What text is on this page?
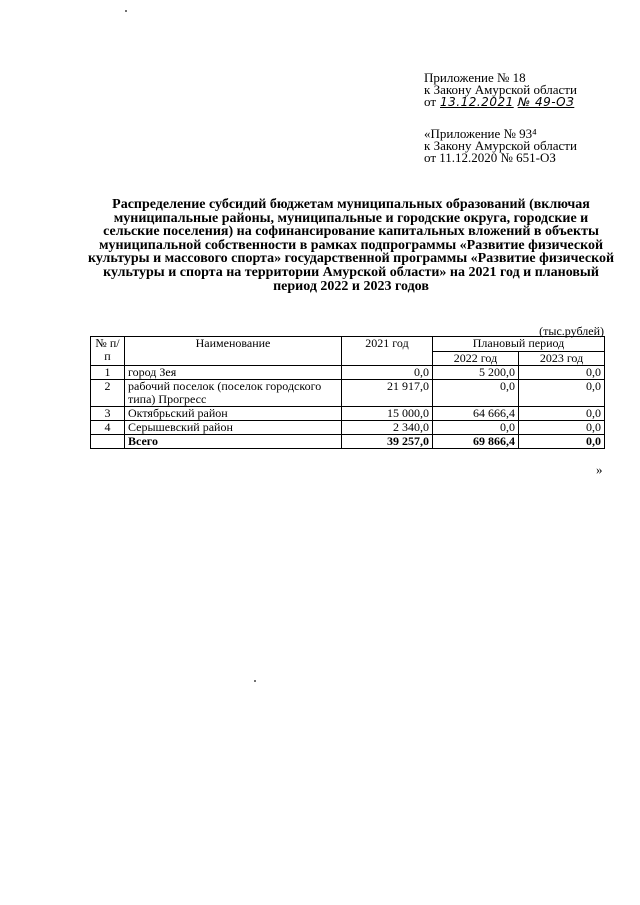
Приложение № 18
к Закону Амурской области
от 13.12.2021 № 49-ОЗ
«Приложение № 93⁴
к Закону Амурской области
от 11.12.2020 № 651-ОЗ
Распределение субсидий бюджетам муниципальных образований (включая муниципальные районы, муниципальные и городские округа, городские и сельские поселения) на софинансирование капитальных вложений в объекты муниципальной собственности в рамках подпрограммы «Развитие физической культуры и массового спорта» государственной программы «Развитие физической культуры и спорта на территории Амурской области» на 2021 год и плановый период 2022 и 2023 годов
(тыс.рублей)
№ п/п	Наименование	2021 год	Плановый период	
			2022 год	2023 год
1	город Зея	0,0	5 200,0	0,0
2	рабочий поселок (поселок городского типа) Прогресс	21 917,0	0,0	0,0
3	Октябрьский район	15 000,0	64 666,4	0,0
4	Серышевский район	2 340,0	0,0	0,0
	Всего	39 257,0	69 866,4	0,0
»
